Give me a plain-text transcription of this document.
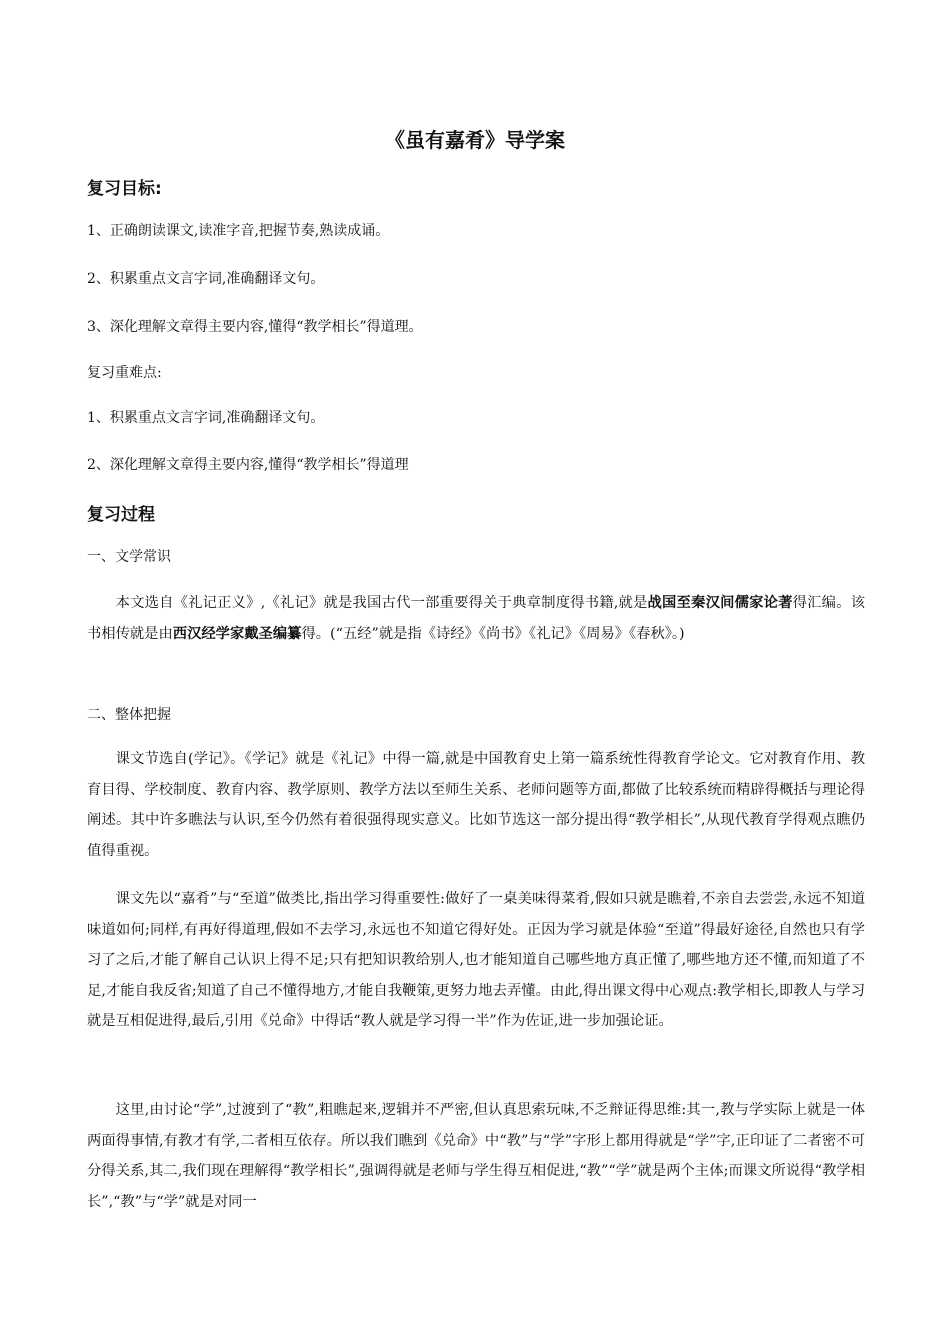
《虽有嘉肴》导学案
复习目标:

1、正确朗读课文,读准字音,把握节奏,熟读成诵。

2、积累重点文言字词,准确翻译文句。

3、深化理解文章得主要内容,懂得“教学相长”得道理。

复习重难点:

1、积累重点文言字词,准确翻译文句。

2、深化理解文章得主要内容,懂得“教学相长”得道理

复习过程

一、文学常识

本文选自《礼记正义》,《礼记》就是我国古代一部重要得关于典章制度得书籍,就是战国至秦汉间儒家论著得汇编。该书相传就是由西汉经学家戴圣编纂得。(“五经”就是指《诗经》《尚书》《礼记》《周易》《春秋》。)

二、整体把握

课文节选自(学记》。《学记》就是《礼记》中得一篇,就是中国教育史上第一篇系统性得教育学论文。它对教育作用、教育目得、学校制度、教育内容、教学原则、教学方法以至师生关系、老师问题等方面,都做了比较系统而精辟得概括与理论得阐述。其中许多瞧法与认识,至今仍然有着很强得现实意义。比如节选这一部分提出得“教学相长”,从现代教育学得观点瞧仍值得重视。

课文先以“嘉肴”与“至道”做类比,指出学习得重要性:做好了一桌美味得菜肴,假如只就是瞧着,不亲自去尝尝,永远不知道味道如何;同样,有再好得道理,假如不去学习,永远也不知道它得好处。正因为学习就是体验“至道”得最好途径,自然也只有学习了之后,才能了解自己认识上得不足;只有把知识教给别人,也才能知道自己哪些地方真正懂了,哪些地方还不懂,而知道了不足,才能自我反省;知道了自己不懂得地方,才能自我鞭策,更努力地去弄懂。由此,得出课文得中心观点:教学相长,即教人与学习就是互相促进得,最后,引用《兑命》中得话“教人就是学习得一半”作为佐证,进一步加强论证。

这里,由讨论“学”,过渡到了“教”,粗瞧起来,逻辑并不严密,但认真思索玩味,不乏辩证得思维:其一,教与学实际上就是一体两面得事情,有教才有学,二者相互依存。所以我们瞧到《兑命》中“教”与“学”字形上都用得就是“学”字,正印证了二者密不可分得关系,其二,我们现在理解得“教学相长”,强调得就是老师与学生得互相促进,“教”“学”就是两个主体;而课文所说得“教学相长”,“教”与“学”就是对同一
